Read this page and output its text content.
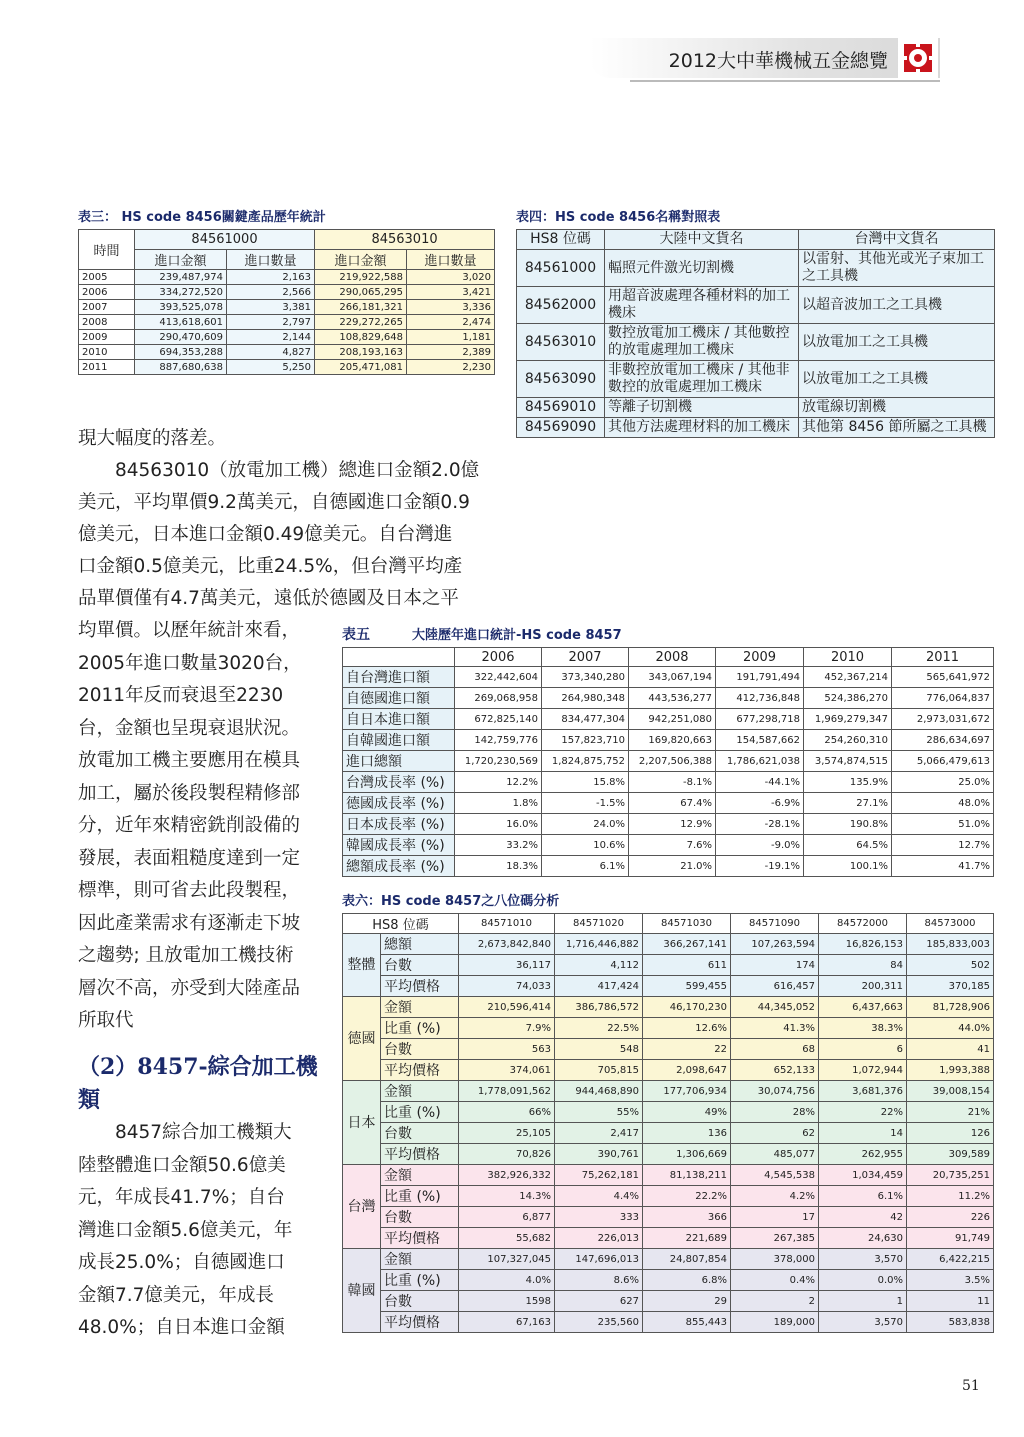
2012大中華機械五金總覽
表三： HS code 8456關鍵產品歷年統計
時間	84561000		84563010	
	進口金額	進口數量	進口金額	進口數量
2005	239,487,974	2,163	219,922,588	3,020
2006	334,272,520	2,566	290,065,295	3,421
2007	393,525,078	3,381	266,181,321	3,336
2008	413,618,601	2,797	229,272,265	2,474
2009	290,470,609	2,144	108,829,648	1,181
2010	694,353,288	4,827	208,193,163	2,389
2011	887,680,638	5,250	205,471,081	2,230
表四：HS code 8456名稱對照表
HS8 位碼	大陸中文貨名	台灣中文貨名
84561000	輻照元件激光切割機	以雷射、其他光或光子束加工之工具機
84562000	用超音波處理各種材料的加工機床	以超音波加工之工具機
84563010	數控放電加工機床 / 其他數控的放電處理加工機床	以放電加工之工具機
84563090	非數控放電加工機床 / 其他非數控的放電處理加工機床	以放電加工之工具機
84569010	等離子切割機	放電線切割機
84569090	其他方法處理材料的加工機床	其他第 8456 節所屬之工具機
現大幅度的落差。
　　84563010（放電加工機）總進口金額2.0億
美元，平均單價9.2萬美元，自德國進口金額0.9
億美元，日本進口金額0.49億美元。自台灣進
口金額0.5億美元，比重24.5%，但台灣平均產
品單價僅有4.7萬美元，遠低於德國及日本之平
均單價。以歷年統計來看，
2005年進口數量3020台，
2011年反而衰退至2230
台，金額也呈現衰退狀況。
放電加工機主要應用在模具
加工，屬於後段製程精修部
分，近年來精密銑削設備的
發展，表面粗糙度達到一定
標準，則可省去此段製程，
因此產業需求有逐漸走下坡
之趨勢; 且放電加工機技術
層次不高，亦受到大陸產品
所取代
（2）8457-綜合加工機
類
　　8457綜合加工機類大
陸整體進口金額50.6億美
元，年成長41.7%；自台
灣進口金額5.6億美元，年
成長25.0%；自德國進口
金額7.7億美元，年成長
48.0%；自日本進口金額
表五	大陸歷年進口統計-HS code 8457
	2006	2007	2008	2009	2010	2011
自台灣進口額	322,442,604	373,340,280	343,067,194	191,791,494	452,367,214	565,641,972
自德國進口額	269,068,958	264,980,348	443,536,277	412,736,848	524,386,270	776,064,837
自日本進口額	672,825,140	834,477,304	942,251,080	677,298,718	1,969,279,347	2,973,031,672
自韓國進口額	142,759,776	157,823,710	169,820,663	154,587,662	254,260,310	286,634,697
進口總額	1,720,230,569	1,824,875,752	2,207,506,388	1,786,621,038	3,574,874,515	5,066,479,613
台灣成長率 (%)	12.2%	15.8%	-8.1%	-44.1%	135.9%	25.0%
德國成長率 (%)	1.8%	-1.5%	67.4%	-6.9%	27.1%	48.0%
日本成長率 (%)	16.0%	24.0%	12.9%	-28.1%	190.8%	51.0%
韓國成長率 (%)	33.2%	10.6%	7.6%	-9.0%	64.5%	12.7%
總額成長率 (%)	18.3%	6.1%	21.0%	-19.1%	100.1%	41.7%
表六：HS code 8457之八位碼分析
HS8 位碼		84571010	84571020	84571030	84571090	84572000	84573000
整體	總額	2,673,842,840	1,716,446,882	366,267,141	107,263,594	16,826,153	185,833,003
	台數	36,117	4,112	611	174	84	502
	平均價格	74,033	417,424	599,455	616,457	200,311	370,185
德國	金額	210,596,414	386,786,572	46,170,230	44,345,052	6,437,663	81,728,906
	比重 (%)	7.9%	22.5%	12.6%	41.3%	38.3%	44.0%
	台數	563	548	22	68	6	41
	平均價格	374,061	705,815	2,098,647	652,133	1,072,944	1,993,388
日本	金額	1,778,091,562	944,468,890	177,706,934	30,074,756	3,681,376	39,008,154
	比重 (%)	66%	55%	49%	28%	22%	21%
	台數	25,105	2,417	136	62	14	126
	平均價格	70,826	390,761	1,306,669	485,077	262,955	309,589
台灣	金額	382,926,332	75,262,181	81,138,211	4,545,538	1,034,459	20,735,251
	比重 (%)	14.3%	4.4%	22.2%	4.2%	6.1%	11.2%
	台數	6,877	333	366	17	42	226
	平均價格	55,682	226,013	221,689	267,385	24,630	91,749
韓國	金額	107,327,045	147,696,013	24,807,854	378,000	3,570	6,422,215
	比重 (%)	4.0%	8.6%	6.8%	0.4%	0.0%	3.5%
	台數	1598	627	29	2	1	11
	平均價格	67,163	235,560	855,443	189,000	3,570	583,838
51
